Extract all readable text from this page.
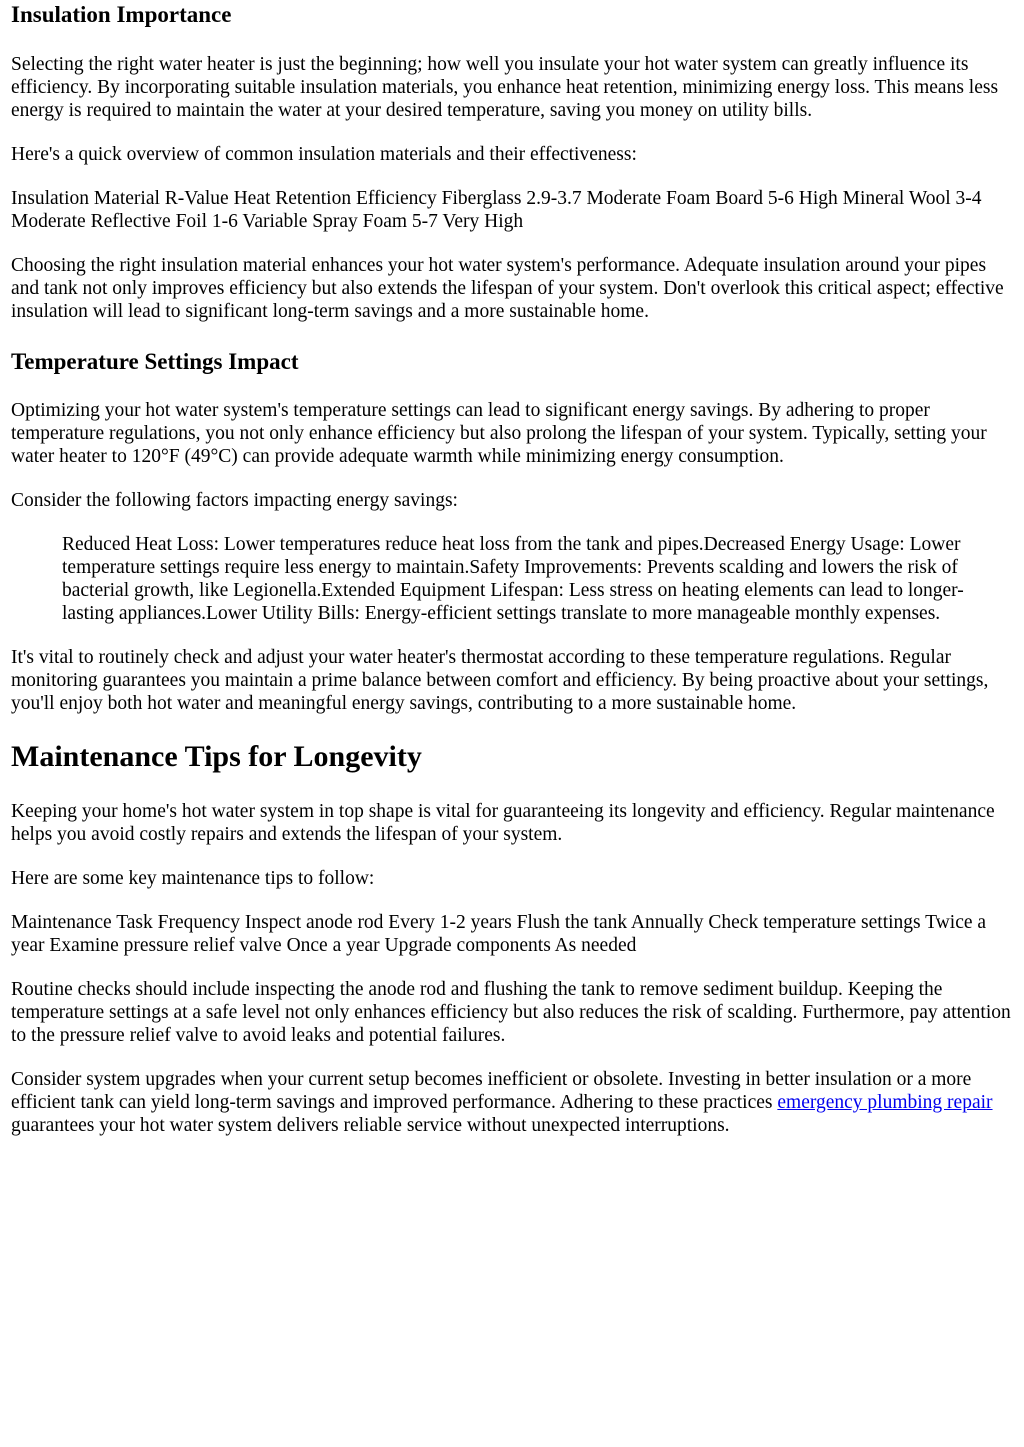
Insulation Importance

Selecting the right water heater is just the beginning; how well you insulate your hot water system can greatly influence its efficiency. By incorporating suitable insulation materials, you enhance heat retention, minimizing energy loss. This means less energy is required to maintain the water at your desired temperature, saving you money on utility bills.

Here's a quick overview of common insulation materials and their effectiveness:

Insulation Material R-Value Heat Retention Efficiency Fiberglass 2.9-3.7 Moderate Foam Board 5-6 High Mineral Wool 3-4 Moderate Reflective Foil 1-6 Variable Spray Foam 5-7 Very High

Choosing the right insulation material enhances your hot water system's performance. Adequate insulation around your pipes and tank not only improves efficiency but also extends the lifespan of your system. Don't overlook this critical aspect; effective insulation will lead to significant long-term savings and a more sustainable home.

Temperature Settings Impact

Optimizing your hot water system's temperature settings can lead to significant energy savings. By adhering to proper temperature regulations, you not only enhance efficiency but also prolong the lifespan of your system. Typically, setting your water heater to 120°F (49°C) can provide adequate warmth while minimizing energy consumption.

Consider the following factors impacting energy savings:

Reduced Heat Loss: Lower temperatures reduce heat loss from the tank and pipes.Decreased Energy Usage: Lower temperature settings require less energy to maintain.Safety Improvements: Prevents scalding and lowers the risk of bacterial growth, like Legionella.Extended Equipment Lifespan: Less stress on heating elements can lead to longer-lasting appliances.Lower Utility Bills: Energy-efficient settings translate to more manageable monthly expenses.

It's vital to routinely check and adjust your water heater's thermostat according to these temperature regulations. Regular monitoring guarantees you maintain a prime balance between comfort and efficiency. By being proactive about your settings, you'll enjoy both hot water and meaningful energy savings, contributing to a more sustainable home.

Maintenance Tips for Longevity

Keeping your home's hot water system in top shape is vital for guaranteeing its longevity and efficiency. Regular maintenance helps you avoid costly repairs and extends the lifespan of your system.

Here are some key maintenance tips to follow:

Maintenance Task Frequency Inspect anode rod Every 1-2 years Flush the tank Annually Check temperature settings Twice a year Examine pressure relief valve Once a year Upgrade components As needed

Routine checks should include inspecting the anode rod and flushing the tank to remove sediment buildup. Keeping the temperature settings at a safe level not only enhances efficiency but also reduces the risk of scalding. Furthermore, pay attention to the pressure relief valve to avoid leaks and potential failures.

Consider system upgrades when your current setup becomes inefficient or obsolete. Investing in better insulation or a more efficient tank can yield long-term savings and improved performance. Adhering to these practices emergency plumbing repair guarantees your hot water system delivers reliable service without unexpected interruptions.
